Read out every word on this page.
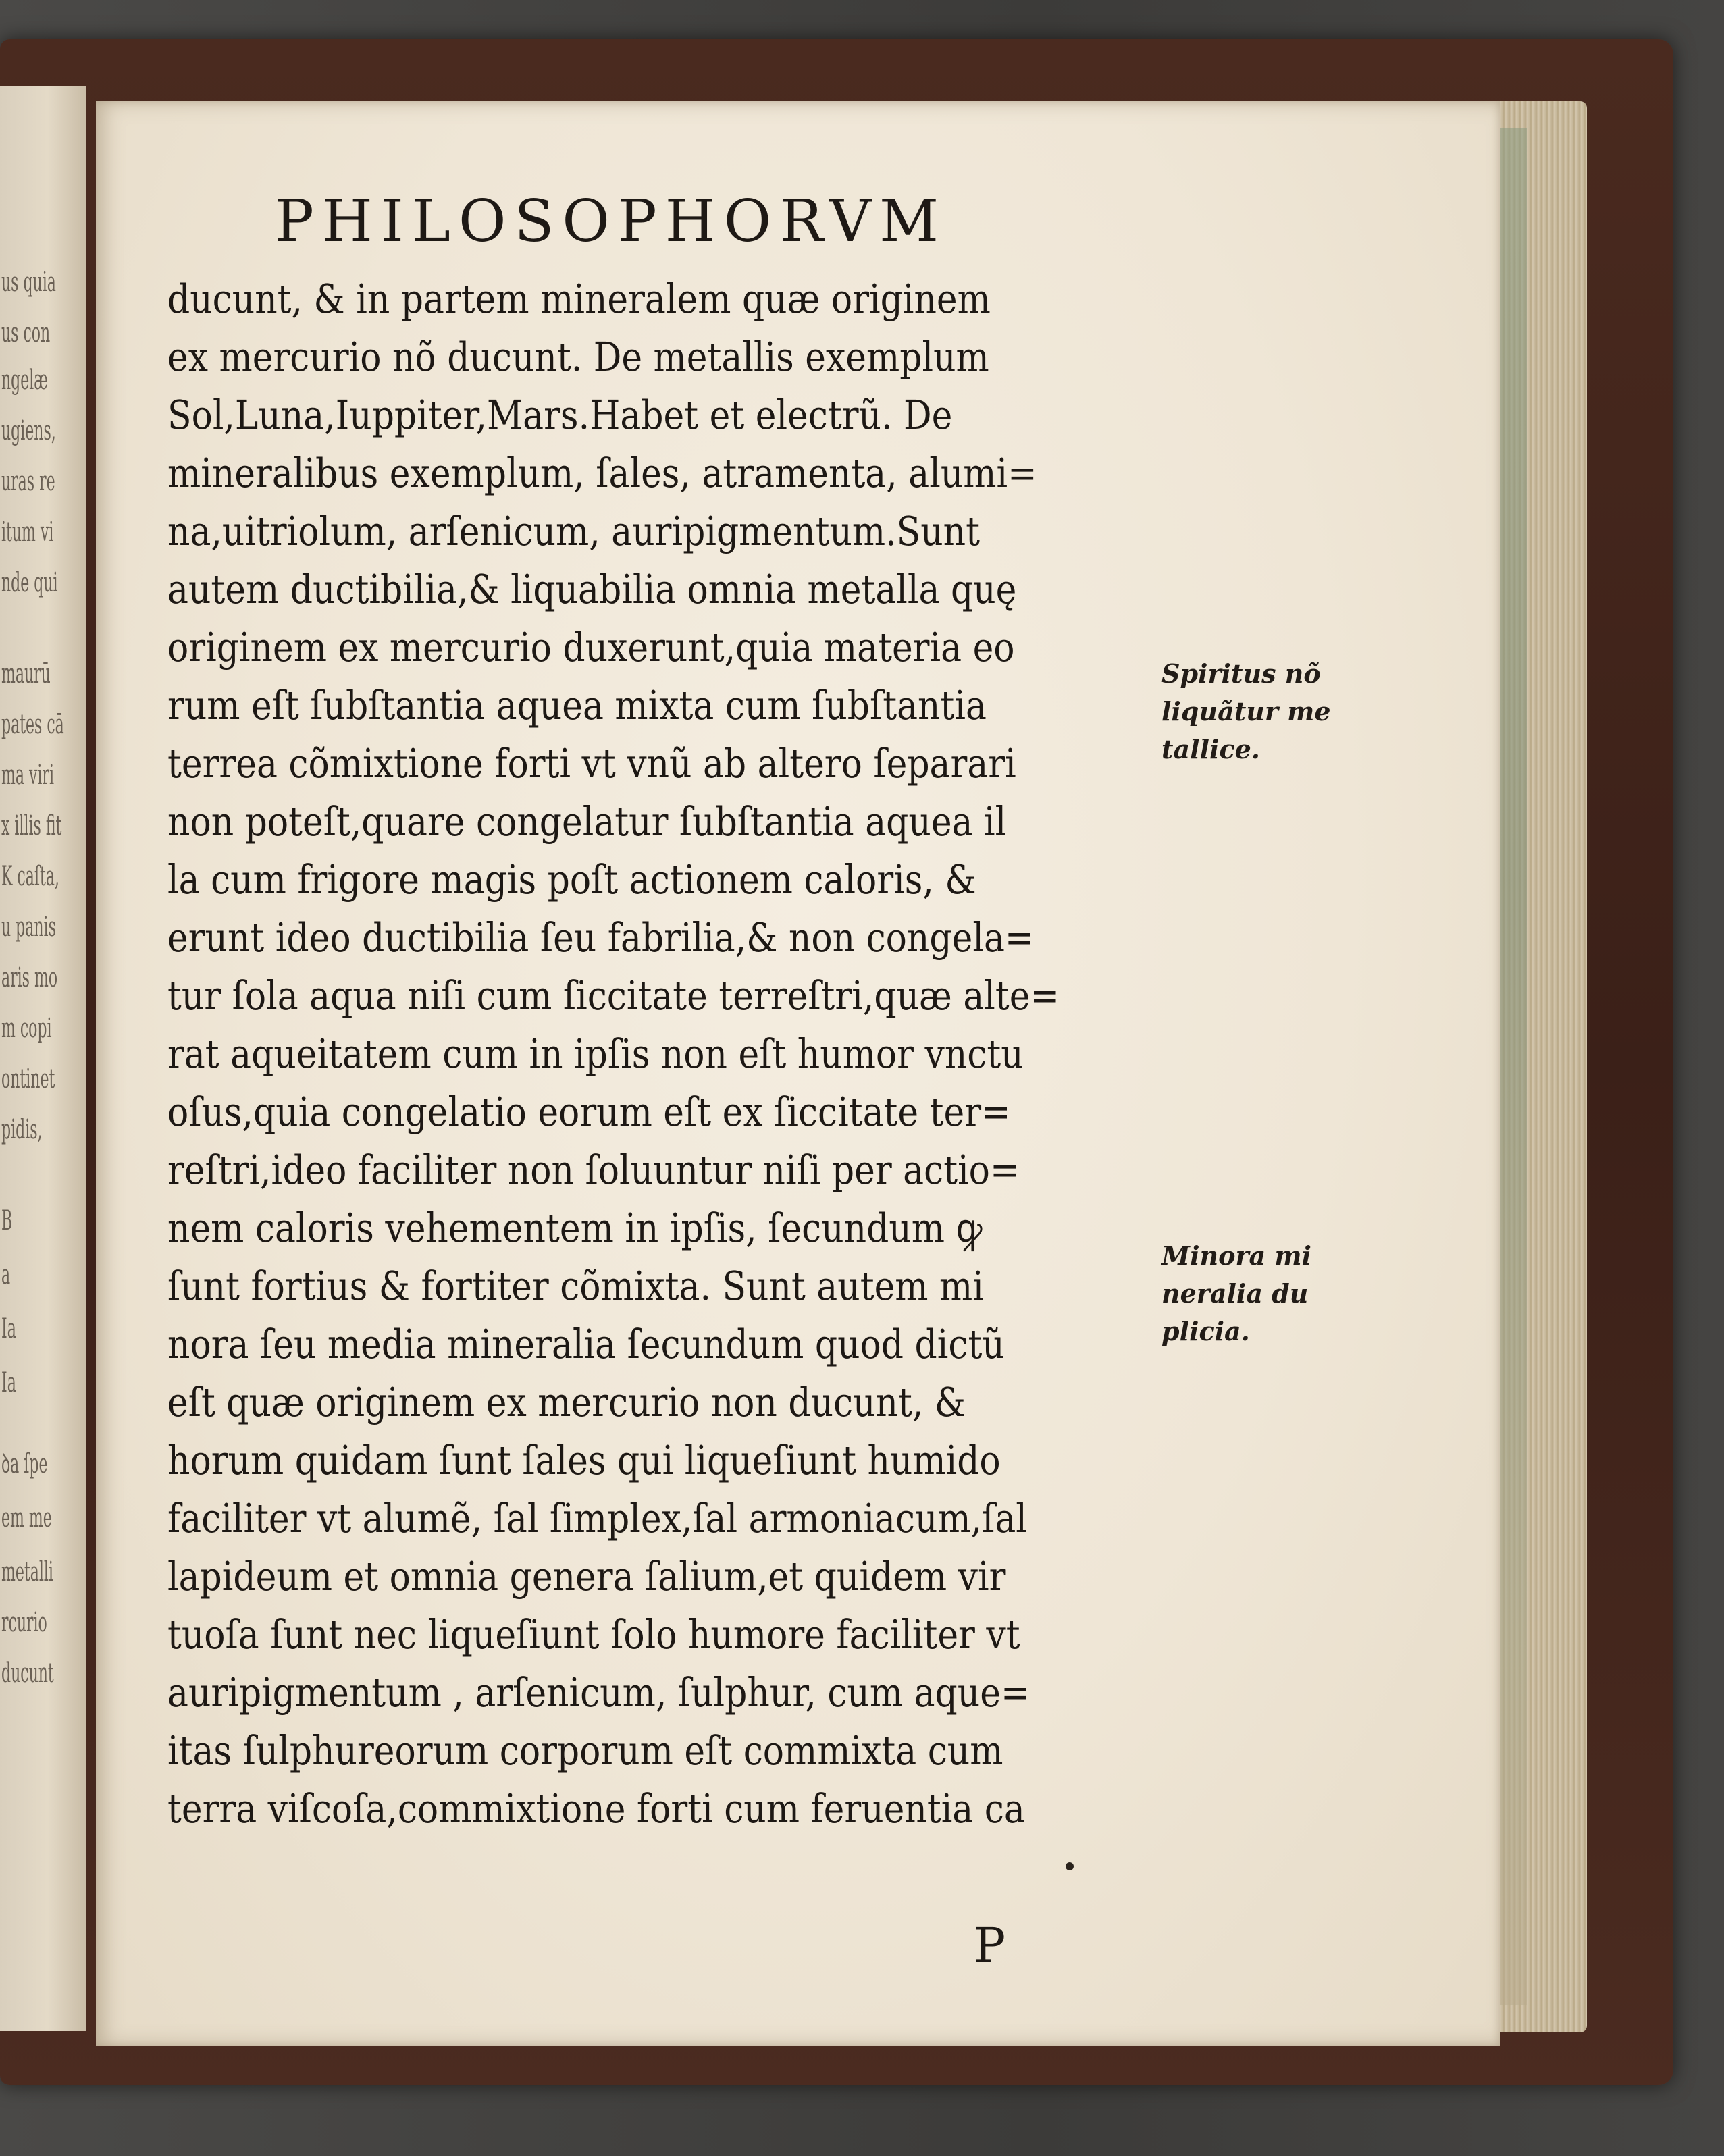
us quia
us con
ngelæ
ugiens,
uras re
itum vi
nde qui
maurū
pates cā
ma viri
x illis fit
K caſta,
u panis
aris mo
m copi
ontinet
pidis,
B
a
Ia
Ia
ꝺa ſpe
em me
metalli
rcurio
ducunt
PHILOSOPHORVM
ducunt, & in partem mineralem quæ originem
ex mercurio nõ ducunt. De metallis exemplum
Sol,Luna,Iuppiter,Mars.Habet et electrũ. De
mineralibus exemplum, ſales, atramenta, alumi=
na,uitriolum, arſenicum, auripigmentum.Sunt
autem ductibilia,& liquabilia omnia metalla quę
originem ex mercurio duxerunt,quia materia eo
rum eſt ſubſtantia aquea mixta cum ſubſtantia
terrea cõmixtione forti vt vnũ ab altero ſeparari
non poteſt,quare congelatur ſubſtantia aquea il
la cum frigore magis poſt actionem caloris, &
erunt ideo ductibilia ſeu fabrilia,& non congela=
tur ſola aqua niſi cum ſiccitate terreſtri,quæ alte=
rat aqueitatem cum in ipſis non eſt humor vnctu
oſus,quia congelatio eorum eſt ex ſiccitate ter=
reſtri,ideo faciliter non ſoluuntur niſi per actio=
nem caloris vehementem in ipſis, ſecundum ꝙ
ſunt fortius & fortiter cõmixta. Sunt autem mi
nora ſeu media mineralia ſecundum quod dictũ
eſt quæ originem ex mercurio non ducunt, &
horum quidam ſunt ſales qui liqueſiunt humido
faciliter vt alumẽ, ſal ſimplex,ſal armoniacum,ſal
lapideum et omnia genera ſalium,et quidem vir
tuoſa ſunt nec liqueſiunt ſolo humore faciliter vt
auripigmentum , arſenicum, ſulphur, cum aque=
itas ſulphureorum corporum eſt commixta cum
terra viſcoſa,commixtione forti cum feruentia ca
Spiritus nõ
liquãtur me
tallice.
Minora mi
neralia du
plicia.
P
